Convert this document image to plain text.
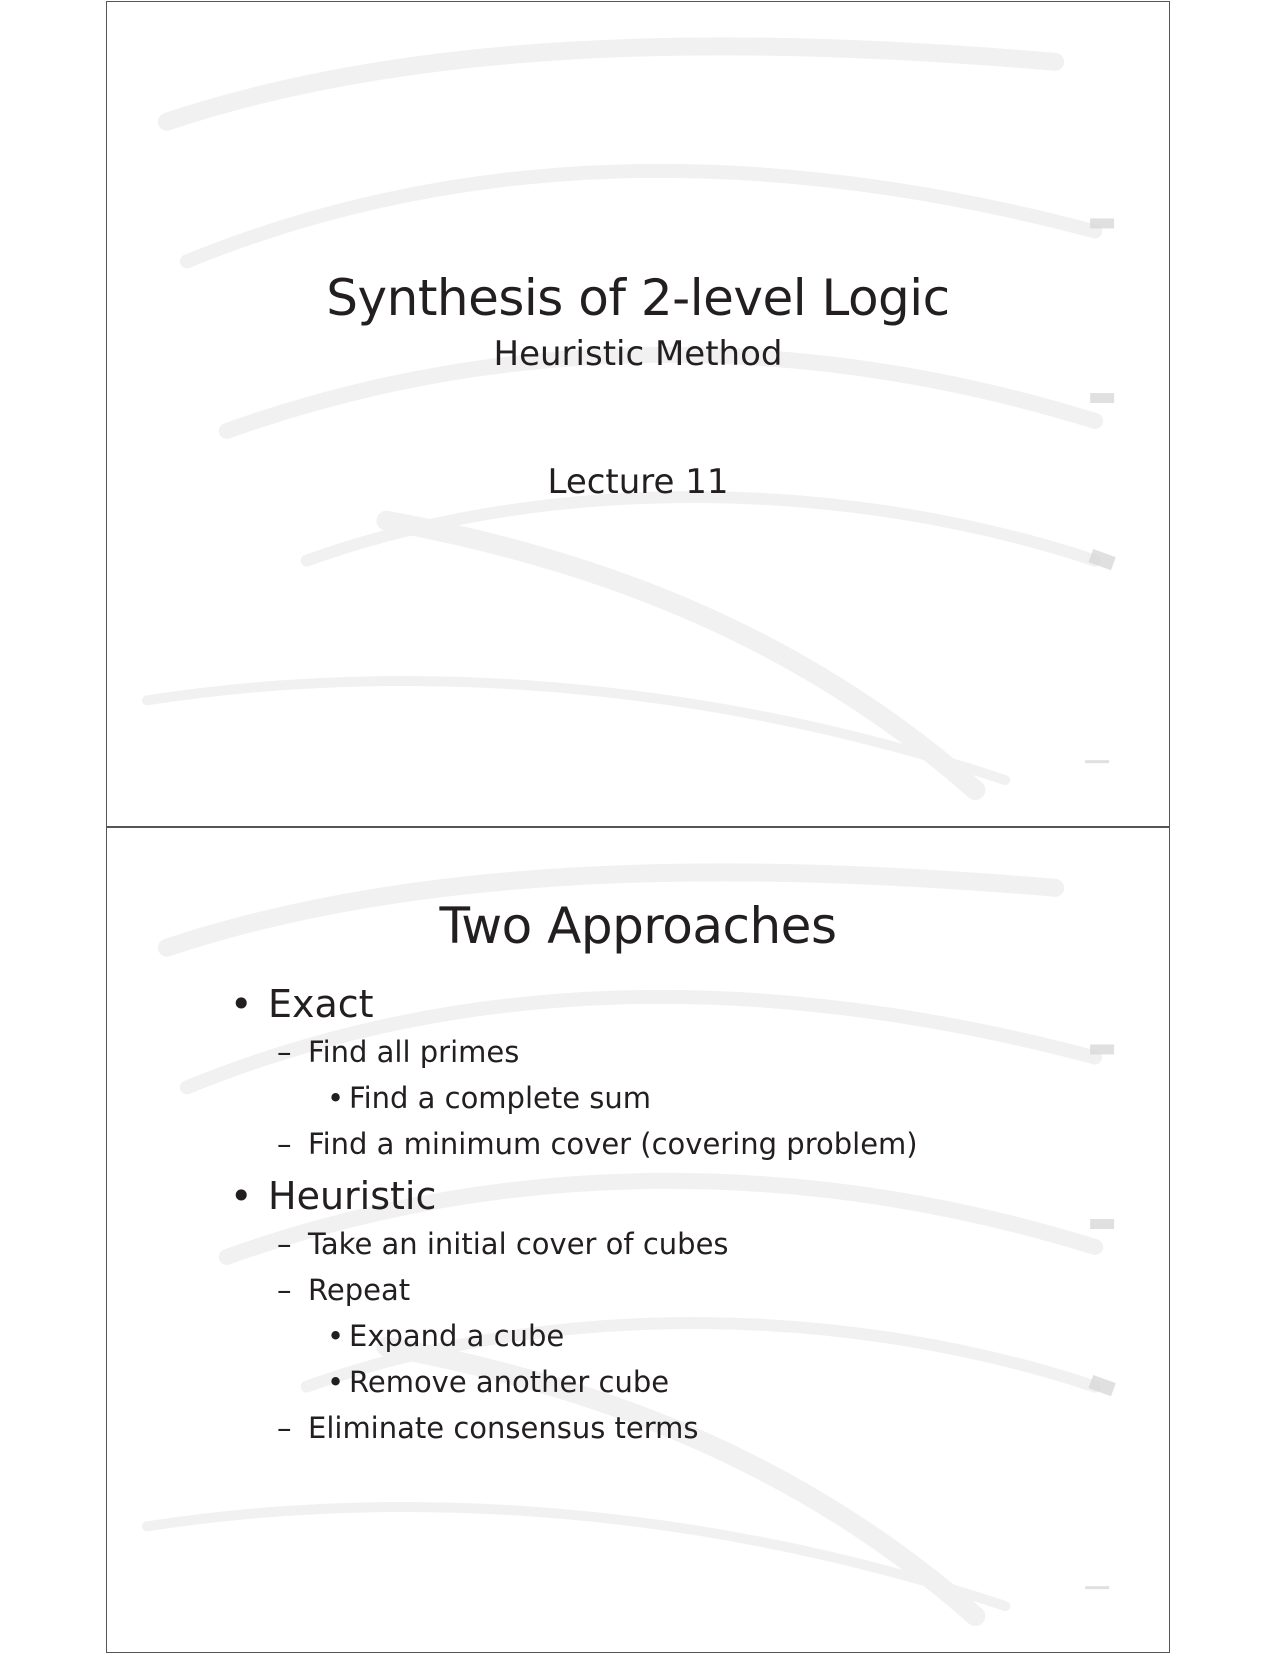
Synthesis of 2-level Logic
Heuristic Method
Lecture 11
Two Approaches
• Exact
– Find all primes
• Find a complete sum
– Find a minimum cover (covering problem)
• Heuristic
– Take an initial cover of cubes
– Repeat
• Expand a cube
• Remove another cube
– Eliminate consensus terms
